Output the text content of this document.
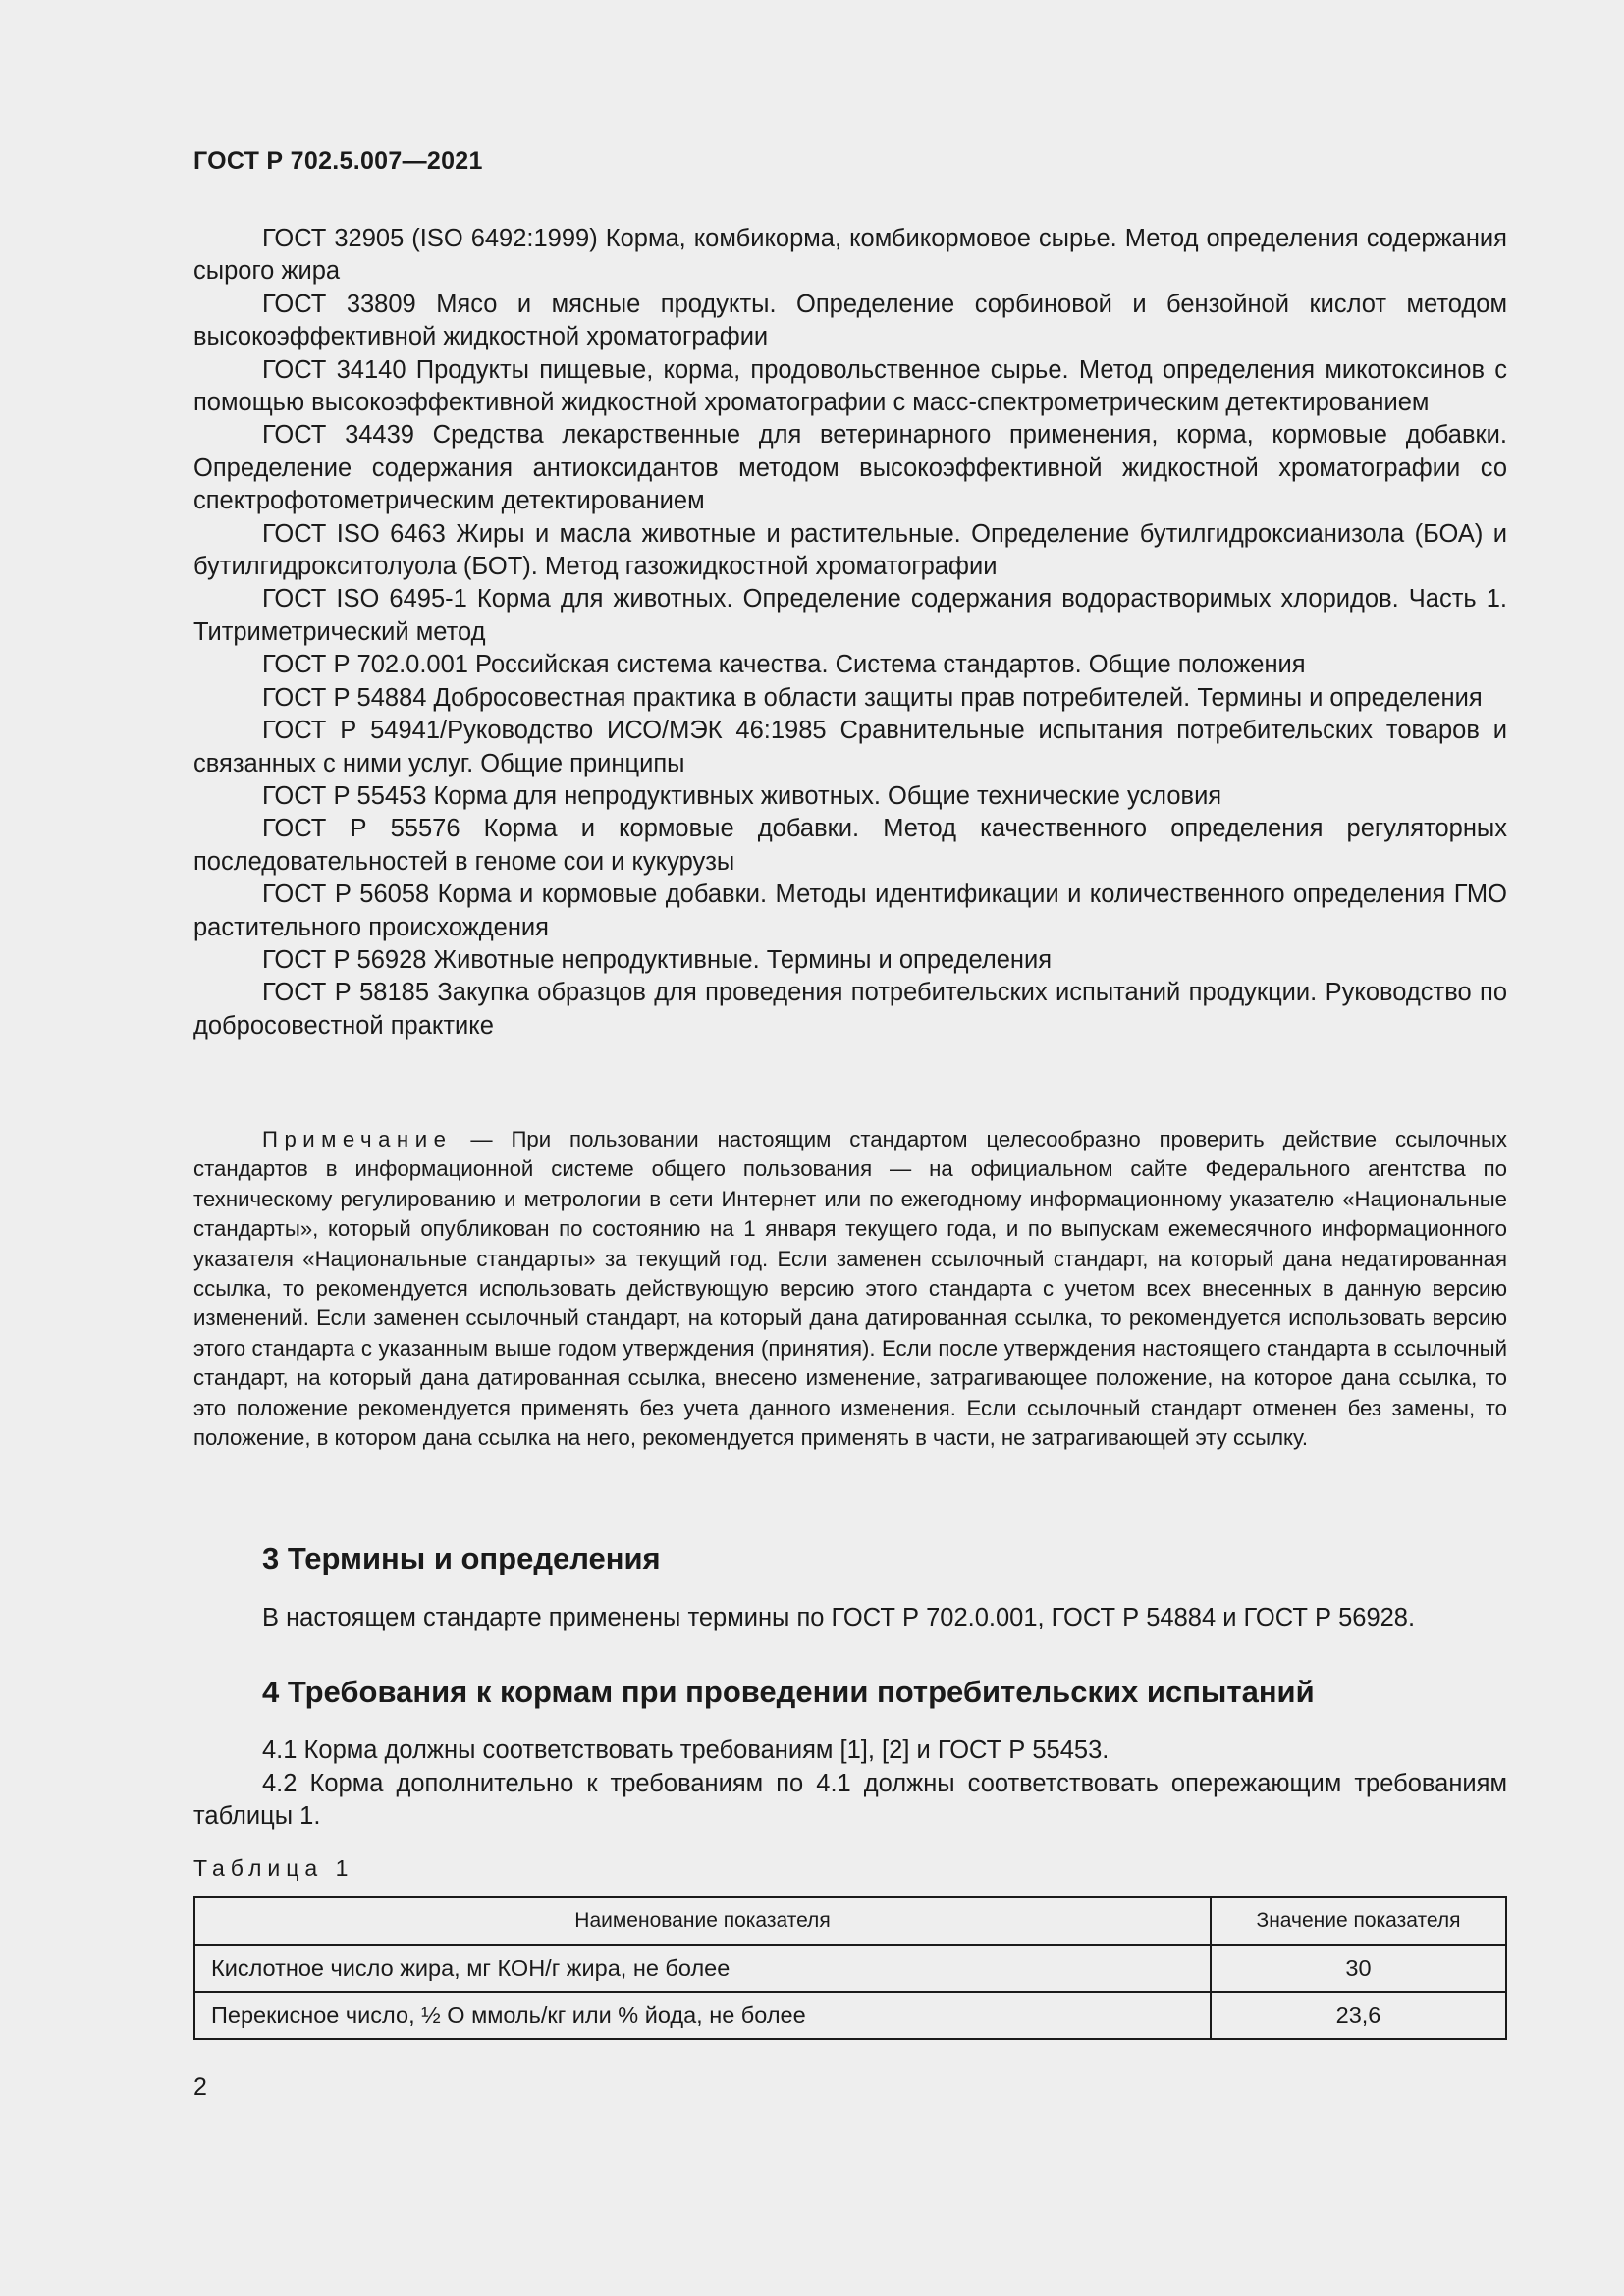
ГОСТ Р 702.5.007—2021

ГОСТ 32905 (ISO 6492:1999) Корма, комбикорма, комбикормовое сырье. Метод определения содержания сырого жира

ГОСТ 33809 Мясо и мясные продукты. Определение сорбиновой и бензойной кислот методом высокоэффективной жидкостной хроматографии

ГОСТ 34140 Продукты пищевые, корма, продовольственное сырье. Метод определения микотоксинов с помощью высокоэффективной жидкостной хроматографии с масс-спектрометрическим детектированием

ГОСТ 34439 Средства лекарственные для ветеринарного применения, корма, кормовые добавки. Определение содержания антиоксидантов методом высокоэффективной жидкостной хроматографии со спектрофотометрическим детектированием

ГОСТ ISO 6463 Жиры и масла животные и растительные. Определение бутилгидроксианизола (БОА) и бутилгидрокситолуола (БОТ). Метод газожидкостной хроматографии

ГОСТ ISO 6495-1 Корма для животных. Определение содержания водорастворимых хлоридов. Часть 1. Титриметрический метод

ГОСТ Р 702.0.001 Российская система качества. Система стандартов. Общие положения

ГОСТ Р 54884 Добросовестная практика в области защиты прав потребителей. Термины и определения

ГОСТ Р 54941/Руководство ИСО/МЭК 46:1985 Сравнительные испытания потребительских товаров и связанных с ними услуг. Общие принципы

ГОСТ Р 55453 Корма для непродуктивных животных. Общие технические условия

ГОСТ Р 55576 Корма и кормовые добавки. Метод качественного определения регуляторных последовательностей в геноме сои и кукурузы

ГОСТ Р 56058 Корма и кормовые добавки. Методы идентификации и количественного определения ГМО растительного происхождения

ГОСТ Р 56928 Животные непродуктивные. Термины и определения

ГОСТ Р 58185 Закупка образцов для проведения потребительских испытаний продукции. Руководство по добросовестной практике

Примечание — При пользовании настоящим стандартом целесообразно проверить действие ссылочных стандартов в информационной системе общего пользования — на официальном сайте Федерального агентства по техническому регулированию и метрологии в сети Интернет или по ежегодному информационному указателю «Национальные стандарты», который опубликован по состоянию на 1 января текущего года, и по выпускам ежемесячного информационного указателя «Национальные стандарты» за текущий год. Если заменен ссылочный стандарт, на который дана недатированная ссылка, то рекомендуется использовать действующую версию этого стандарта с учетом всех внесенных в данную версию изменений. Если заменен ссылочный стандарт, на который дана датированная ссылка, то рекомендуется использовать версию этого стандарта с указанным выше годом утверждения (принятия). Если после утверждения настоящего стандарта в ссылочный стандарт, на который дана датированная ссылка, внесено изменение, затрагивающее положение, на которое дана ссылка, то это положение рекомендуется применять без учета данного изменения. Если ссылочный стандарт отменен без замены, то положение, в котором дана ссылка на него, рекомендуется применять в части, не затрагивающей эту ссылку.

3 Термины и определения

В настоящем стандарте применены термины по ГОСТ Р 702.0.001, ГОСТ Р 54884 и ГОСТ Р 56928.

4 Требования к кормам при проведении потребительских испытаний

4.1 Корма должны соответствовать требованиям [1], [2] и ГОСТ Р 55453.

4.2 Корма дополнительно к требованиям по 4.1 должны соответствовать опережающим требованиям таблицы 1.

Таблица 1
Наименование показателя	Значение показателя
Кислотное число жира, мг КОН/г жира, не более	30
Перекисное число, ½ O ммоль/кг или % йода, не более	23,6
2
